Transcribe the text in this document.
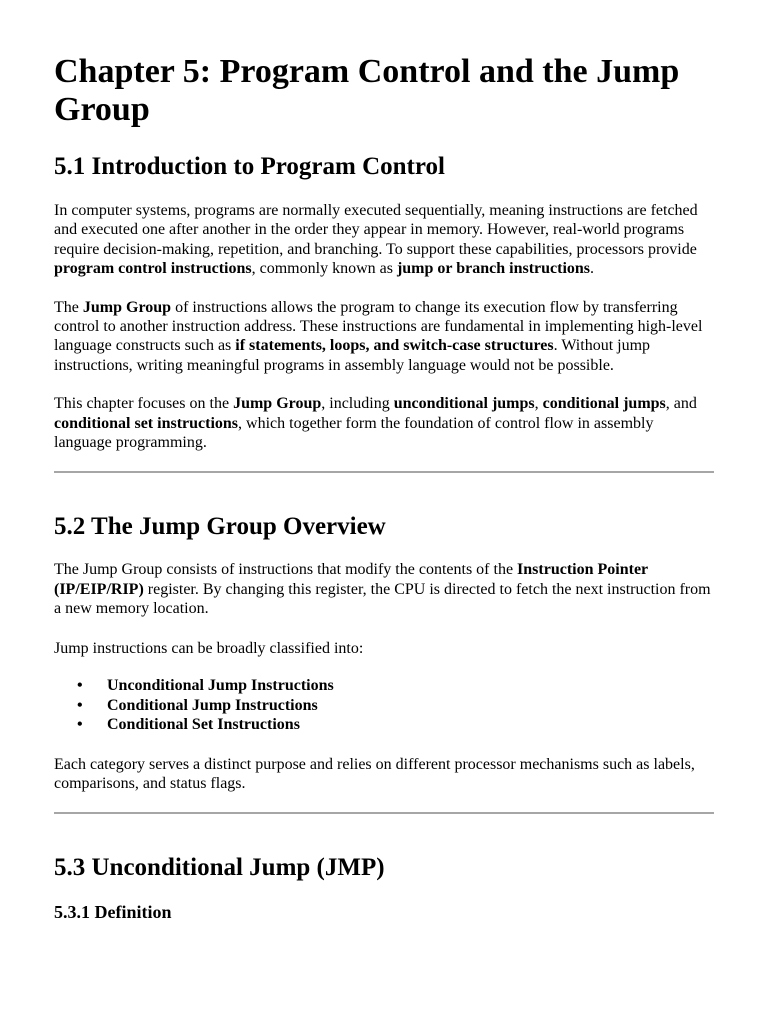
Chapter 5: Program Control and the Jump Group
5.1 Introduction to Program Control

In computer systems, programs are normally executed sequentially, meaning instructions are fetched and executed one after another in the order they appear in memory. However, real-world programs require decision-making, repetition, and branching. To support these capabilities, processors provide program control instructions, commonly known as jump or branch instructions.

The Jump Group of instructions allows the program to change its execution flow by transferring control to another instruction address. These instructions are fundamental in implementing high-level language constructs such as if statements, loops, and switch-case structures. Without jump instructions, writing meaningful programs in assembly language would not be possible.

This chapter focuses on the Jump Group, including unconditional jumps, conditional jumps, and conditional set instructions, which together form the foundation of control flow in assembly language programming.

5.2 The Jump Group Overview

The Jump Group consists of instructions that modify the contents of the Instruction Pointer (IP/EIP/RIP) register. By changing this register, the CPU is directed to fetch the next instruction from a new memory location.

Jump instructions can be broadly classified into:

• Unconditional Jump Instructions
• Conditional Jump Instructions
• Conditional Set Instructions

Each category serves a distinct purpose and relies on different processor mechanisms such as labels, comparisons, and status flags.

5.3 Unconditional Jump (JMP)
5.3.1 Definition
